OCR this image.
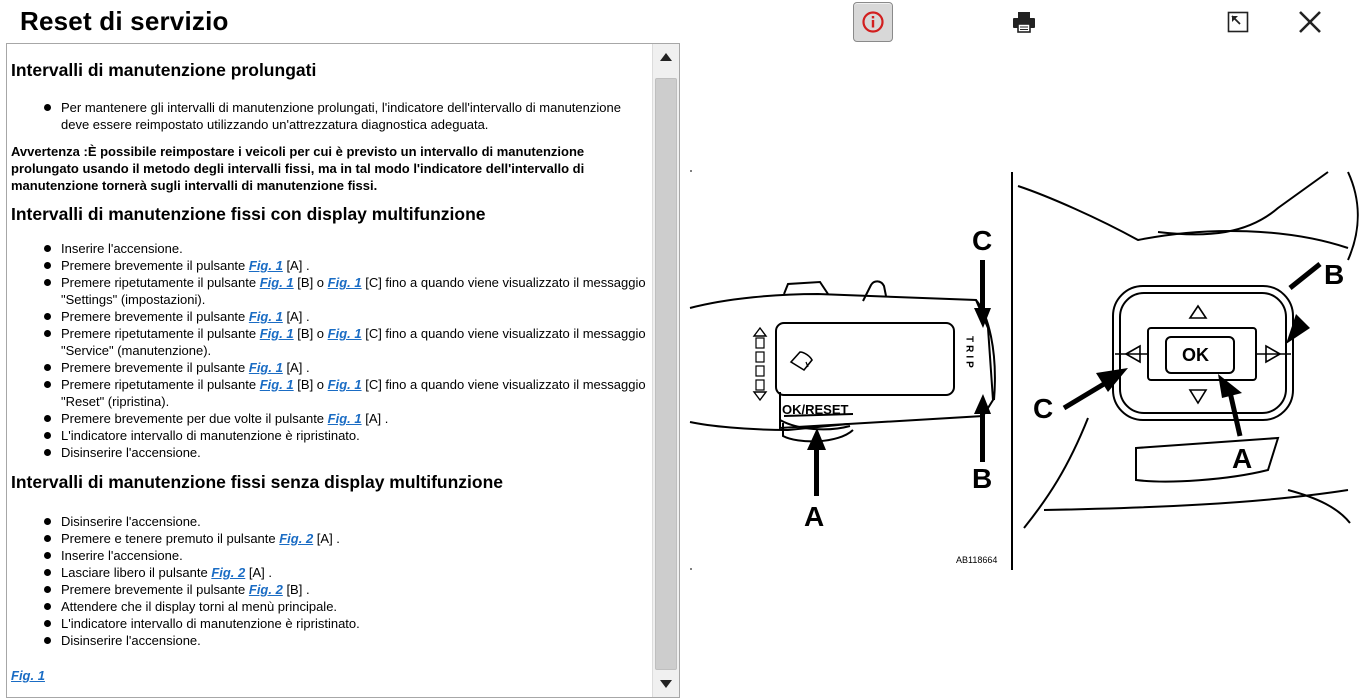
Reset di servizio
Intervalli di manutenzione prolungati
Per mantenere gli intervalli di manutenzione prolungati, l'indicatore dell'intervallo di manutenzione deve essere reimpostato utilizzando un'attrezzatura diagnostica adeguata.
Avvertenza :È possibile reimpostare i veicoli per cui è previsto un intervallo di manutenzione prolungato usando il metodo degli intervalli fissi, ma in tal modo l'indicatore dell'intervallo di manutenzione tornerà sugli intervalli di manutenzione fissi.
Intervalli di manutenzione fissi con display multifunzione
Inserire l'accensione.
Premere brevemente il pulsante Fig. 1 [A] .
Premere ripetutamente il pulsante Fig. 1 [B] o Fig. 1 [C] fino a quando viene visualizzato il messaggio "Settings" (impostazioni).
Premere brevemente il pulsante Fig. 1 [A] .
Premere ripetutamente il pulsante Fig. 1 [B] o Fig. 1 [C] fino a quando viene visualizzato il messaggio "Service" (manutenzione).
Premere brevemente il pulsante Fig. 1 [A] .
Premere ripetutamente il pulsante Fig. 1 [B] o Fig. 1 [C] fino a quando viene visualizzato il messaggio "Reset" (ripristina).
Premere brevemente per due volte il pulsante Fig. 1 [A] .
L'indicatore intervallo di manutenzione è ripristinato.
Disinserire l'accensione.
Intervalli di manutenzione fissi senza display multifunzione
Disinserire l'accensione.
Premere e tenere premuto il pulsante Fig. 2 [A] .
Inserire l'accensione.
Lasciare libero il pulsante Fig. 2 [A] .
Premere brevemente il pulsante Fig. 2 [B] .
Attendere che il display torni al menù principale.
L'indicatore intervallo di manutenzione è ripristinato.
Disinserire l'accensione.
Fig. 1
OK/RESET
TRIP	OK
C
B
A
B
C
A
AB118664
